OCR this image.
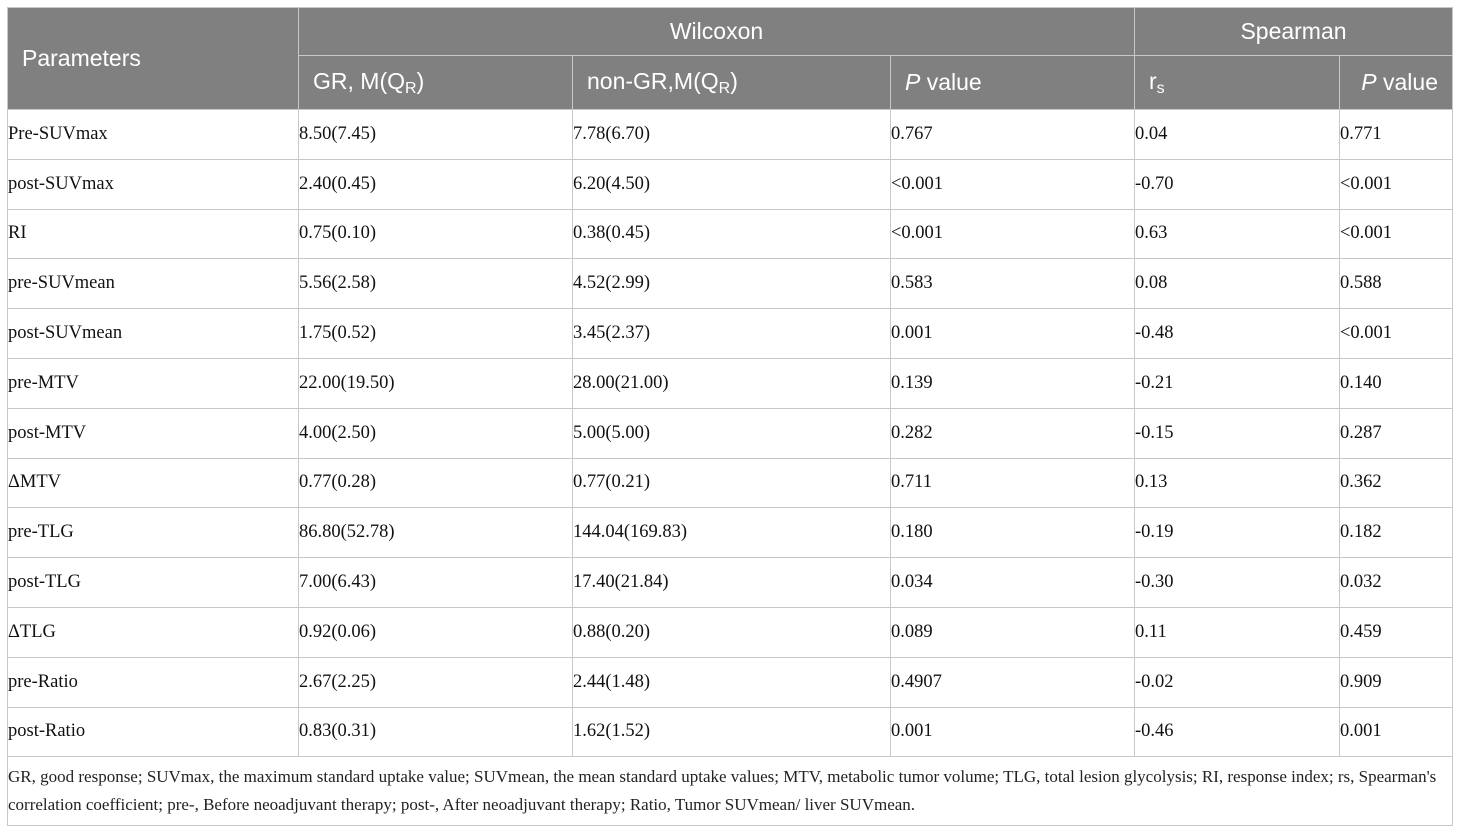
Parameters	Wilcoxon			Spearman	
	GR, $M(Q_R)$	non-$GR,M(Q_R)$	P value	$r_s$	P value
Pre-SUVmax	8.50(7.45)	7.78(6.70)	0.767	0.04	0.771
post-SUVmax	2.40(0.45)	6.20(4.50)	<0.001	-0.70	<0.001
RI	0.75(0.10)	0.38(0.45)	<0.001	0.63	<0.001
pre-SUVmean	5.56(2.58)	4.52(2.99)	0.583	0.08	0.588
post-SUVmean	1.75(0.52)	3.45(2.37)	0.001	-0.48	<0.001
pre-MTV	22.00(19.50)	28.00(21.00)	0.139	-0.21	0.140
post-MTV	4.00(2.50)	5.00(5.00)	0.282	-0.15	0.287
ΔMTV	0.77(0.28)	0.77(0.21)	0.711	0.13	0.362
pre-TLG	86.80(52.78)	144.04(169.83)	0.180	-0.19	0.182
post-TLG	7.00(6.43)	17.40(21.84)	0.034	-0.30	0.032
ΔTLG	0.92(0.06)	0.88(0.20)	0.089	0.11	0.459
pre-Ratio	2.67(2.25)	2.44(1.48)	0.4907	-0.02	0.909
post-Ratio	0.83(0.31)	1.62(1.52)	0.001	-0.46	0.001
GR, good response; SUVmax, the maximum standard uptake value; SUVmean, the mean standard uptake values; MTV, metabolic tumor volume; TLG, total lesion glycolysis; RI, response index; rs, Spearman's correlation coefficient; pre-, Before neoadjuvant therapy; post-, After neoadjuvant therapy; Ratio, Tumor SUVmean/ liver SUVmean.					
